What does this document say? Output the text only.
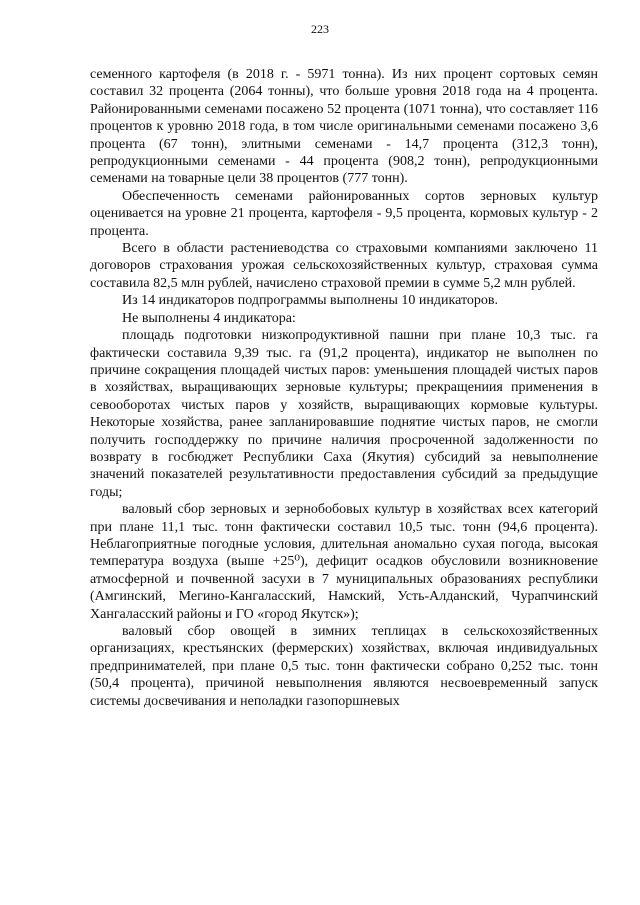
223

семенного картофеля (в 2018 г. - 5971 тонна). Из них процент сортовых семян составил 32 процента (2064 тонны), что больше уровня 2018 года на 4 процента. Районированными семенами посажено 52 процента (1071 тонна), что составляет 116 процентов к уровню 2018 года, в том числе оригинальными семенами посажено 3,6 процента (67 тонн), элитными семенами - 14,7 процента (312,3 тонн), репродукционными семенами - 44 процента (908,2 тонн), репродукционными семенами на товарные цели 38 процентов (777 тонн).

Обеспеченность семенами районированных сортов зерновых культур оценивается на уровне 21 процента, картофеля - 9,5 процента, кормовых культур - 2 процента.

Всего в области растениеводства со страховыми компаниями заключено 11 договоров страхования урожая сельскохозяйственных культур, страховая сумма составила 82,5 млн рублей, начислено страховой премии в сумме 5,2 млн рублей.

Из 14 индикаторов подпрограммы выполнены 10 индикаторов.

Не выполнены 4 индикатора:

площадь подготовки низкопродуктивной пашни при плане 10,3 тыс. га фактически составила 9,39 тыс. га (91,2 процента), индикатор не выполнен по причине сокращения площадей чистых паров: уменьшения площадей чистых паров в хозяйствах, выращивающих зерновые культуры; прекращениия применения в севооборотах чистых паров у хозяйств, выращивающих кормовые культуры. Некоторые хозяйства, ранее запланировавшие поднятие чистых паров, не смогли получить господдержку по причине наличия просроченной задолженности по возврату в госбюджет Республики Саха (Якутия) субсидий за невыполнение значений показателей результативности предоставления субсидий за предыдущие годы;

валовый сбор зерновых и зернобобовых культур в хозяйствах всех категорий при плане 11,1 тыс. тонн фактически составил 10,5 тыс. тонн (94,6 процента). Неблагоприятные погодные условия, длительная аномально сухая погода, высокая температура воздуха (выше +25⁰), дефицит осадков обусловили возникновение атмосферной и почвенной засухи в 7 муниципальных образованиях республики (Амгинский, Мегино-Кангаласский, Намский, Усть-Алданский, Чурапчинский Хангаласский районы и ГО «город Якутск»);

валовый сбор овощей в зимних теплицах в сельскохозяйственных организациях, крестьянских (фермерских) хозяйствах, включая индивидуальных предпринимателей, при плане 0,5 тыс. тонн фактически собрано 0,252 тыс. тонн (50,4 процента), причиной невыполнения являются несвоевременный запуск системы досвечивания и неполадки газопоршневых
